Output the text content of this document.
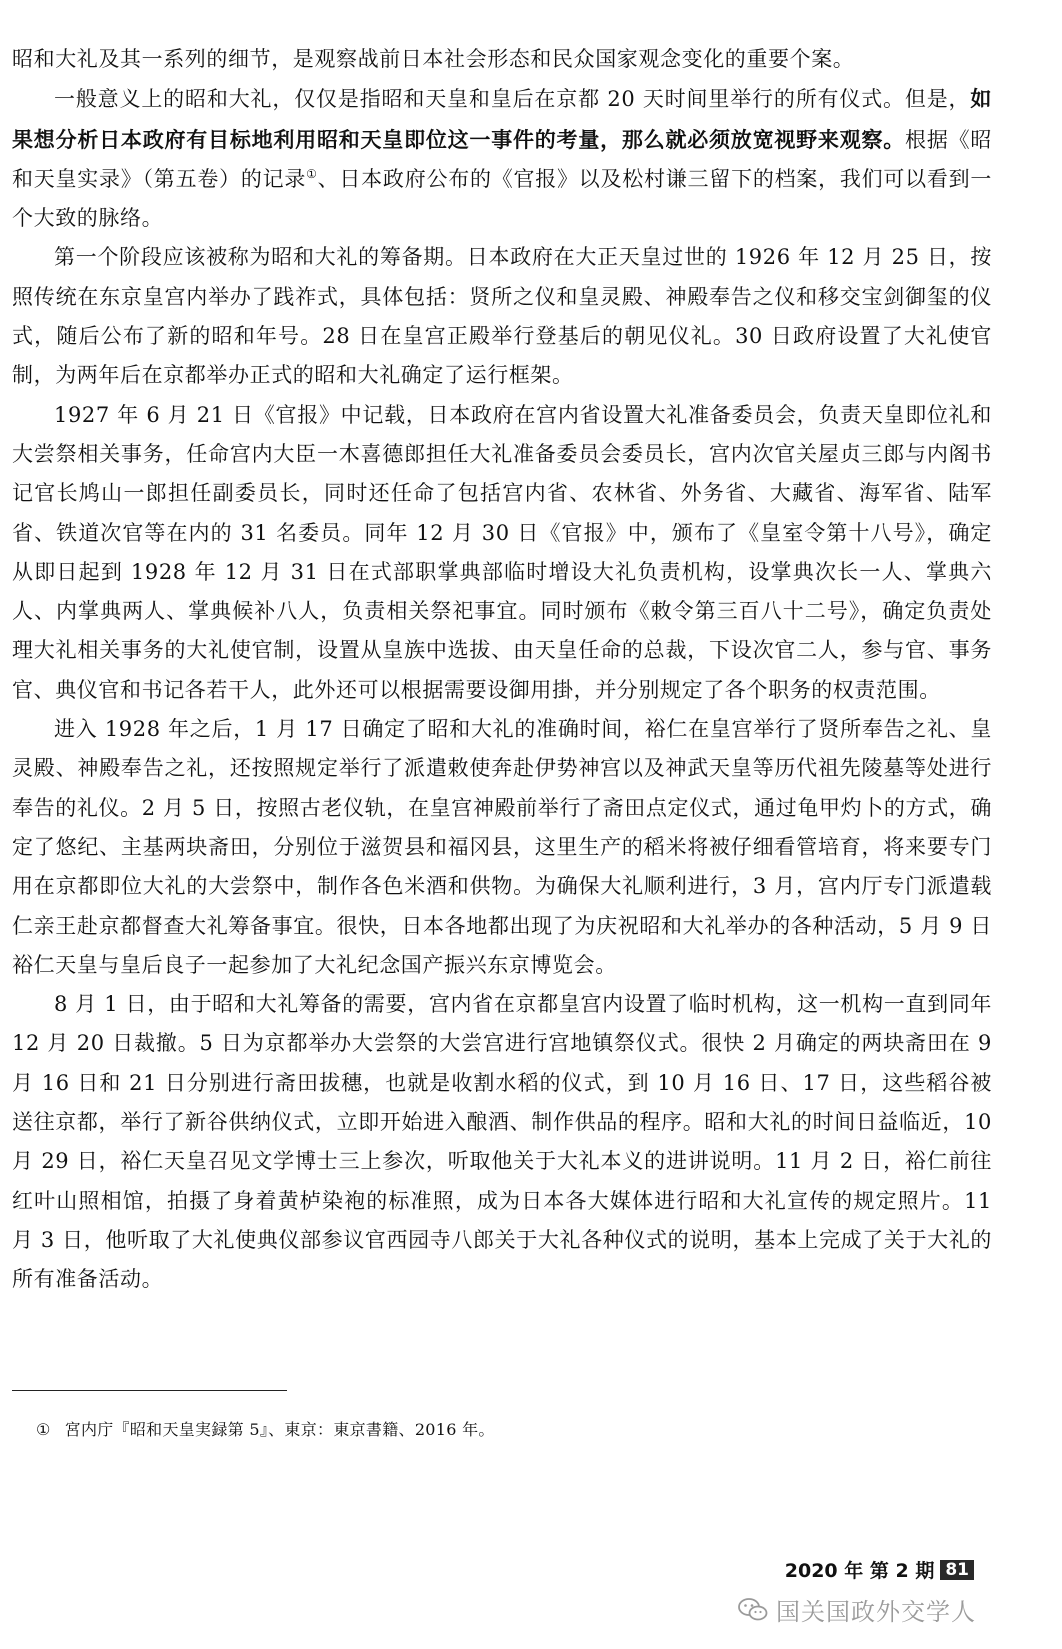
昭和大礼及其一系列的细节，是观察战前日本社会形态和民众国家观念变化的重要个案。

一般意义上的昭和大礼，仅仅是指昭和天皇和皇后在京都 20 天时间里举行的所有仪式。但是，如果想分析日本政府有目标地利用昭和天皇即位这一事件的考量，那么就必须放宽视野来观察。根据《昭和天皇实录》（第五卷）的记录①、日本政府公布的《官报》以及松村谦三留下的档案，我们可以看到一个大致的脉络。

第一个阶段应该被称为昭和大礼的筹备期。日本政府在大正天皇过世的 1926 年 12 月 25 日，按照传统在东京皇宫内举办了践祚式，具体包括：贤所之仪和皇灵殿、神殿奉告之仪和移交宝剑御玺的仪式，随后公布了新的昭和年号。28 日在皇宫正殿举行登基后的朝见仪礼。30 日政府设置了大礼使官制，为两年后在京都举办正式的昭和大礼确定了运行框架。

1927 年 6 月 21 日《官报》中记载，日本政府在宫内省设置大礼准备委员会，负责天皇即位礼和大尝祭相关事务，任命宫内大臣一木喜德郎担任大礼准备委员会委员长，宫内次官关屋贞三郎与内阁书记官长鸠山一郎担任副委员长，同时还任命了包括宫内省、农林省、外务省、大藏省、海军省、陆军省、铁道次官等在内的 31 名委员。同年 12 月 30 日《官报》中，颁布了《皇室令第十八号》，确定从即日起到 1928 年 12 月 31 日在式部职掌典部临时增设大礼负责机构，设掌典次长一人、掌典六人、内掌典两人、掌典候补八人，负责相关祭祀事宜。同时颁布《敕令第三百八十二号》，确定负责处理大礼相关事务的大礼使官制，设置从皇族中选拔、由天皇任命的总裁，下设次官二人，参与官、事务官、典仪官和书记各若干人，此外还可以根据需要设御用掛，并分别规定了各个职务的权责范围。

进入 1928 年之后，1 月 17 日确定了昭和大礼的准确时间，裕仁在皇宫举行了贤所奉告之礼、皇灵殿、神殿奉告之礼，还按照规定举行了派遣敕使奔赴伊势神宫以及神武天皇等历代祖先陵墓等处进行奉告的礼仪。2 月 5 日，按照古老仪轨，在皇宫神殿前举行了斋田点定仪式，通过龟甲灼卜的方式，确定了悠纪、主基两块斋田，分别位于滋贺县和福冈县，这里生产的稻米将被仔细看管培育，将来要专门用在京都即位大礼的大尝祭中，制作各色米酒和供物。为确保大礼顺利进行，3 月，宫内厅专门派遣载仁亲王赴京都督查大礼筹备事宜。很快，日本各地都出现了为庆祝昭和大礼举办的各种活动，5 月 9 日裕仁天皇与皇后良子一起参加了大礼纪念国产振兴东京博览会。

8 月 1 日，由于昭和大礼筹备的需要，宫内省在京都皇宫内设置了临时机构，这一机构一直到同年 12 月 20 日裁撤。5 日为京都举办大尝祭的大尝宫进行宫地镇祭仪式。很快 2 月确定的两块斋田在 9 月 16 日和 21 日分别进行斋田拔穗，也就是收割水稻的仪式，到 10 月 16 日、17 日，这些稻谷被送往京都，举行了新谷供纳仪式，立即开始进入酿酒、制作供品的程序。昭和大礼的时间日益临近，10 月 29 日，裕仁天皇召见文学博士三上参次，听取他关于大礼本义的进讲说明。11 月 2 日，裕仁前往红叶山照相馆，拍摄了身着黄栌染袍的标准照，成为日本各大媒体进行昭和大礼宣传的规定照片。11 月 3 日，他听取了大礼使典仪部参议官西园寺八郎关于大礼各种仪式的说明，基本上完成了关于大礼的所有准备活动。

① 宮内庁『昭和天皇実録第 5』、東京：東京書籍、2016 年。
2020 年 第 2 期 81
国关国政外交学人
